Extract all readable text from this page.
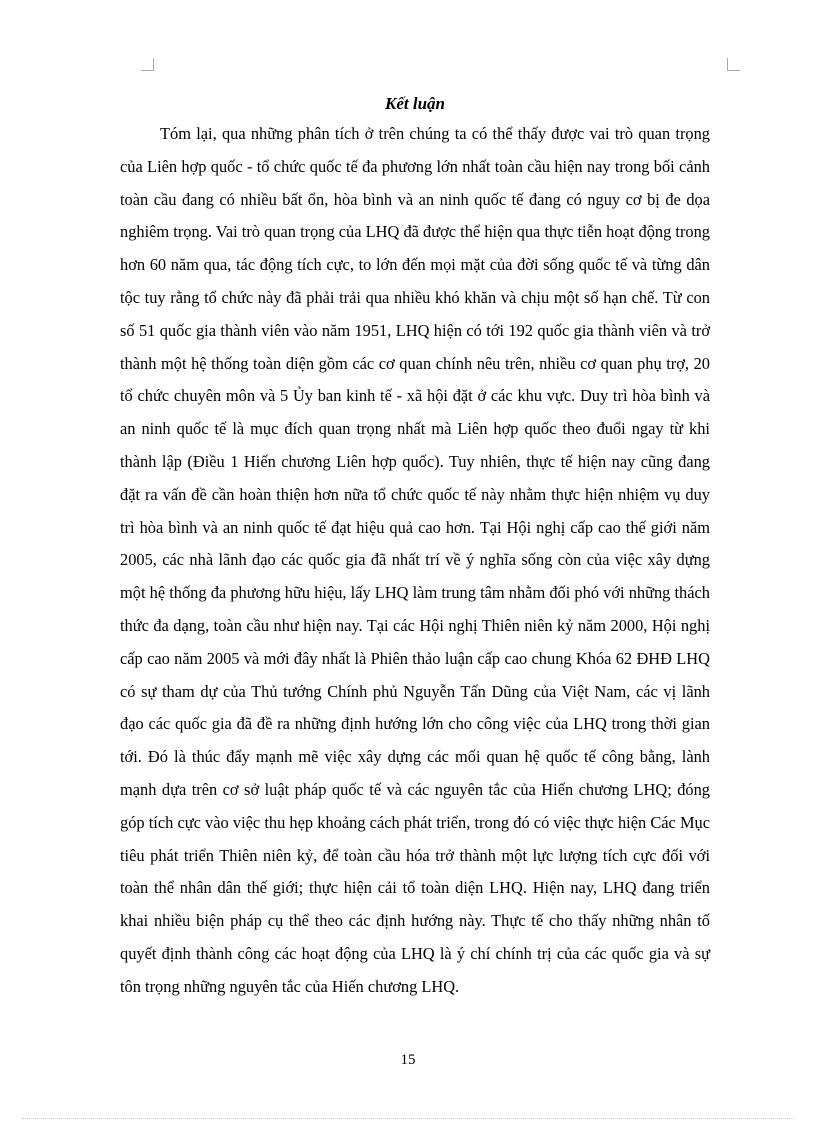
Kết luận

Tóm lại, qua những phân tích ở trên chúng ta có thể thấy được vai trò quan trọng của Liên hợp quốc - tổ chức quốc tế đa phương lớn nhất toàn cầu hiện nay trong bối cảnh toàn cầu đang có nhiều bất ổn, hòa bình và an ninh quốc tế đang có nguy cơ bị đe dọa nghiêm trọng. Vai trò quan trọng của LHQ đã được thể hiện qua thực tiễn hoạt động trong hơn 60 năm qua, tác động tích cực, to lớn đến mọi mặt của đời sống quốc tế và từng dân tộc tuy rằng tổ chức này đã phải trải qua nhiều khó khăn và chịu một số hạn chế. Từ con số 51 quốc gia thành viên vào năm 1951, LHQ hiện có tới 192 quốc gia thành viên và trở thành một hệ thống toàn diện gồm các cơ quan chính nêu trên, nhiều cơ quan phụ trợ, 20 tổ chức chuyên môn và 5 Ủy ban kinh tế - xã hội đặt ở các khu vực. Duy trì hòa bình và an ninh quốc tế là mục đích quan trọng nhất mà Liên hợp quốc theo đuổi ngay từ khi thành lập (Điều 1 Hiến chương Liên hợp quốc). Tuy nhiên, thực tế hiện nay cũng đang đặt ra vấn đề cần hoàn thiện hơn nữa tổ chức quốc tế này nhằm thực hiện nhiệm vụ duy trì hòa bình và an ninh quốc tế đạt hiệu quả cao hơn. Tại Hội nghị cấp cao thế giới năm 2005, các nhà lãnh đạo các quốc gia đã nhất trí về ý nghĩa sống còn của việc xây dựng một hệ thống đa phương hữu hiệu, lấy LHQ làm trung tâm nhằm đối phó với những thách thức đa dạng, toàn cầu như hiện nay. Tại các Hội nghị Thiên niên kỷ năm 2000, Hội nghị cấp cao năm 2005 và mới đây nhất là Phiên thảo luận cấp cao chung Khóa 62 ĐHĐ LHQ có sự tham dự của Thủ tướng Chính phủ Nguyễn Tấn Dũng của Việt Nam, các vị lãnh đạo các quốc gia đã đề ra những định hướng lớn cho công việc của LHQ trong thời gian tới. Đó là thúc đẩy mạnh mẽ việc xây dựng các mối quan hệ quốc tế công bằng, lành mạnh dựa trên cơ sở luật pháp quốc tế và các nguyên tắc của Hiến chương LHQ; đóng góp tích cực vào việc thu hẹp khoảng cách phát triển, trong đó có việc thực hiện Các Mục tiêu phát triển Thiên niên kỷ, để toàn cầu hóa trở thành một lực lượng tích cực đối với toàn thể nhân dân thế giới; thực hiện cải tổ toàn diện LHQ. Hiện nay, LHQ đang triển khai nhiều biện pháp cụ thể theo các định hướng này. Thực tế cho thấy những nhân tố quyết định thành công các hoạt động của LHQ là ý chí chính trị của các quốc gia và sự tôn trọng những nguyên tắc của Hiến chương LHQ.

15
